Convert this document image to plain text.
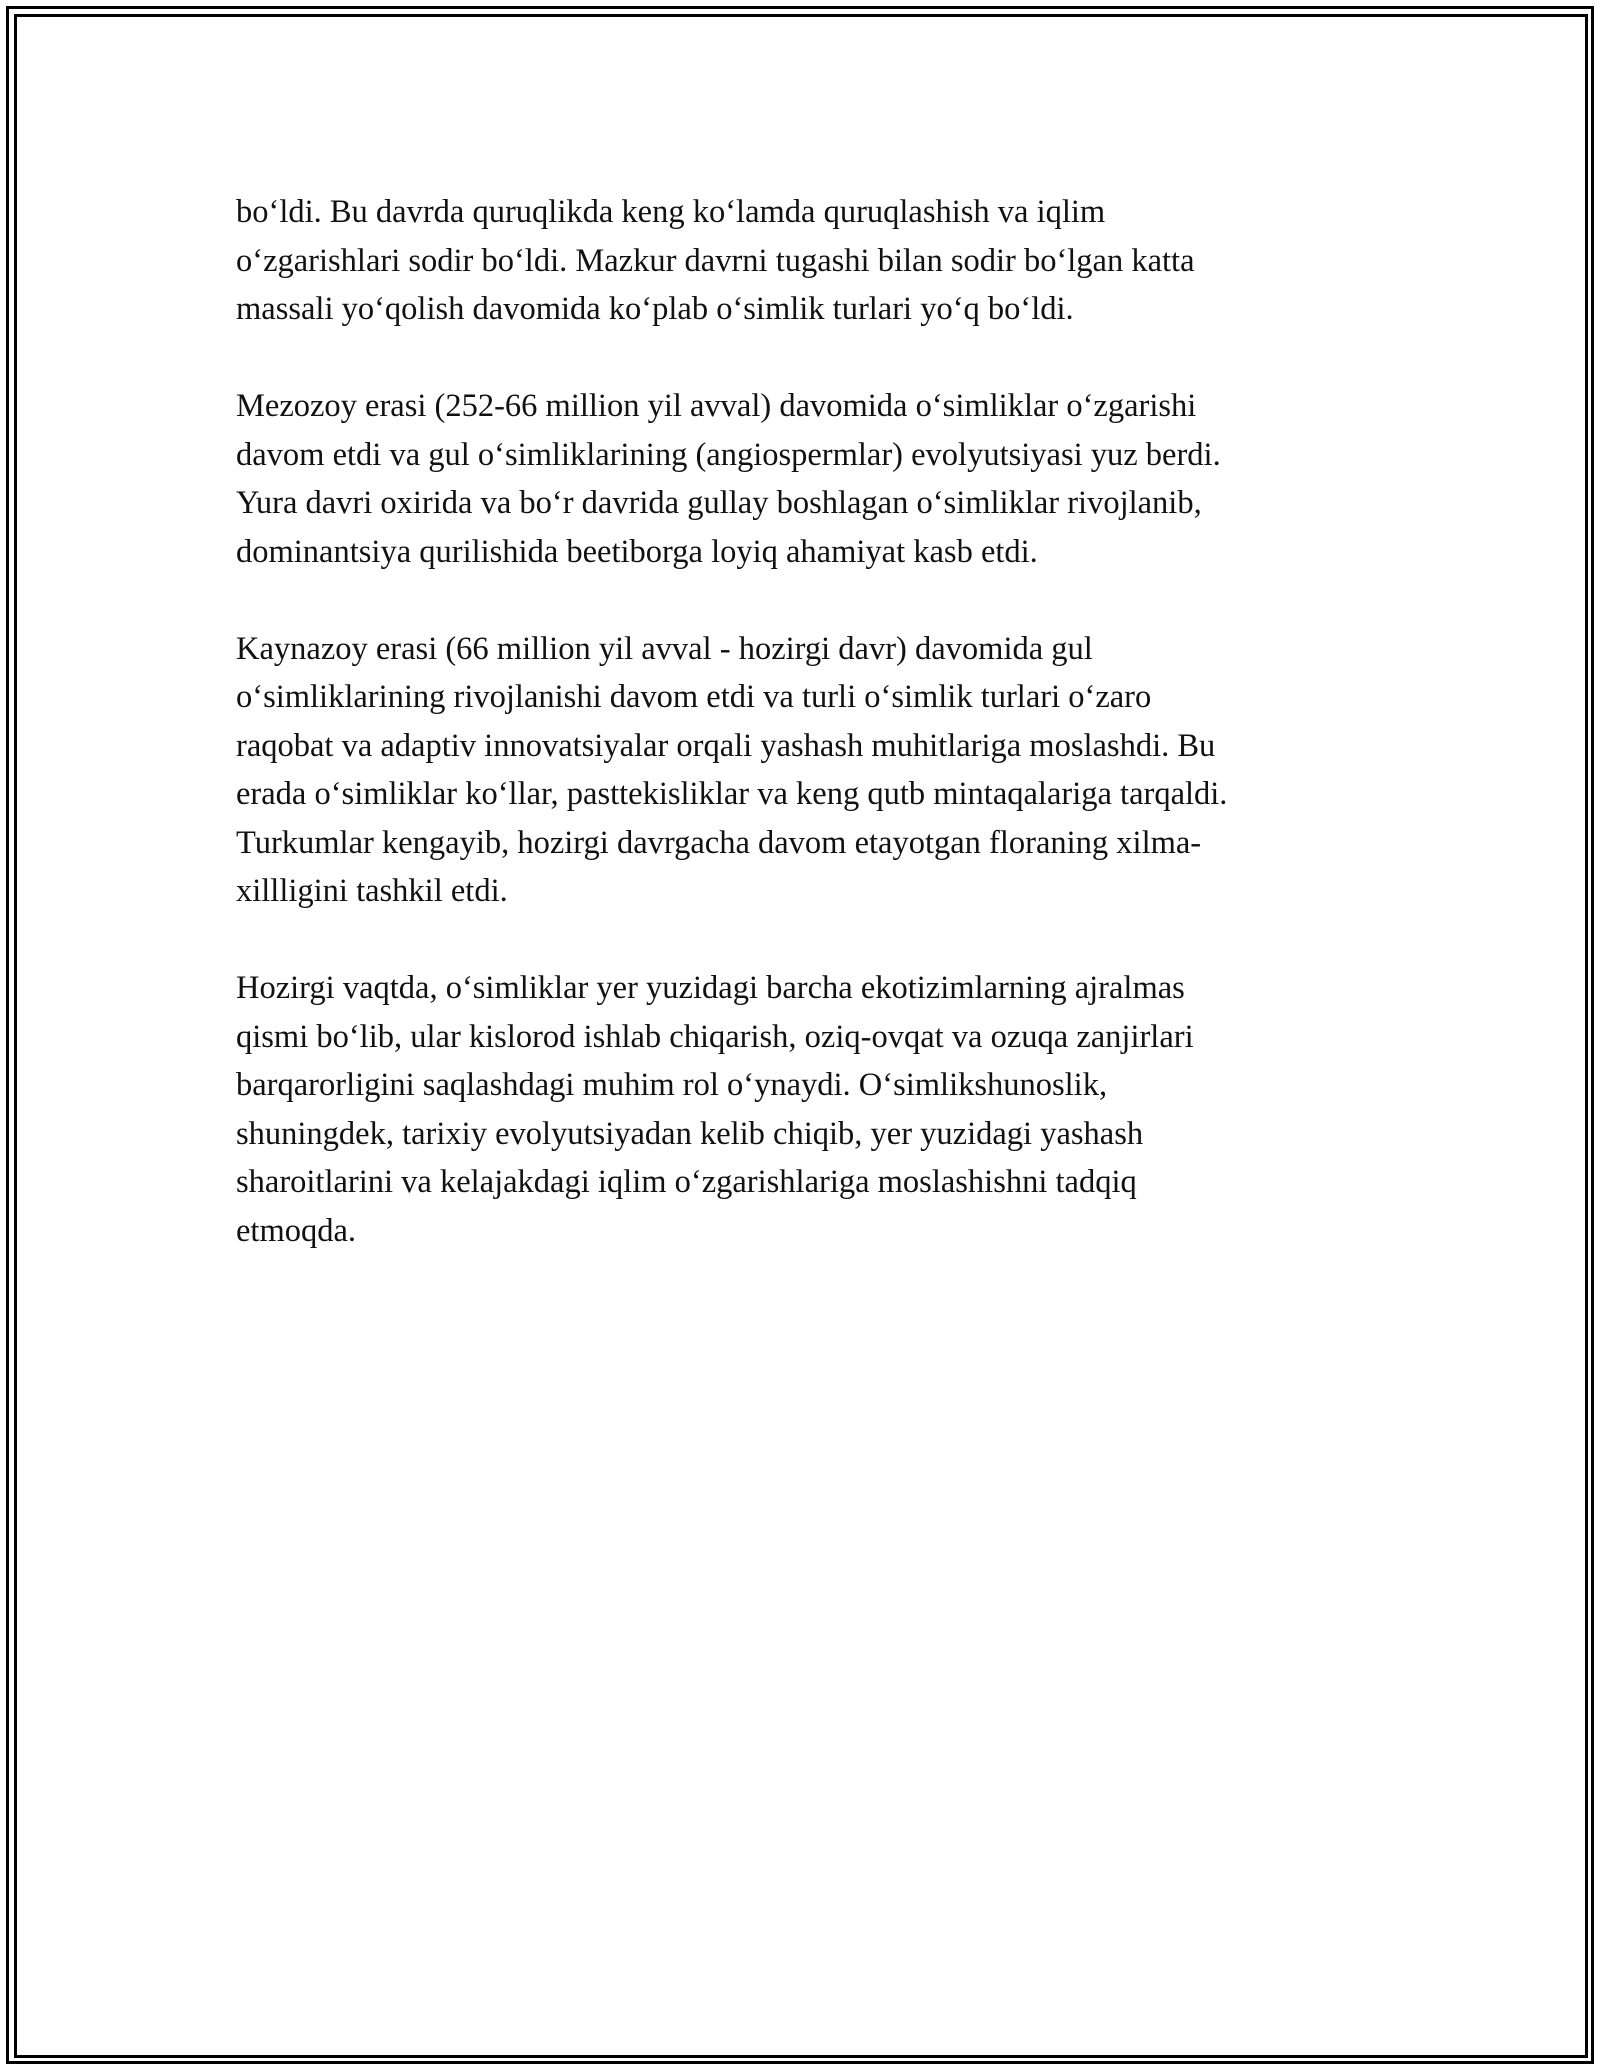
bo‘ldi. Bu davrda quruqlikda keng ko‘lamda quruqlashish va iqlim
o‘zgarishlari sodir bo‘ldi. Mazkur davrni tugashi bilan sodir bo‘lgan katta
massali yo‘qolish davomida ko‘plab o‘simlik turlari yo‘q bo‘ldi.

Mezozoy erasi (252-66 million yil avval) davomida o‘simliklar o‘zgarishi
davom etdi va gul o‘simliklarining (angiospermlar) evolyutsiyasi yuz berdi.
Yura davri oxirida va bo‘r davrida gullay boshlagan o‘simliklar rivojlanib,
dominantsiya qurilishida beetiborga loyiq ahamiyat kasb etdi.

Kaynazoy erasi (66 million yil avval - hozirgi davr) davomida gul
o‘simliklarining rivojlanishi davom etdi va turli o‘simlik turlari o‘zaro
raqobat va adaptiv innovatsiyalar orqali yashash muhitlariga moslashdi. Bu
erada o‘simliklar ko‘llar, pasttekisliklar va keng qutb mintaqalariga tarqaldi.
Turkumlar kengayib, hozirgi davrgacha davom etayotgan floraning xilma-
xillligini tashkil etdi.

Hozirgi vaqtda, o‘simliklar yer yuzidagi barcha ekotizimlarning ajralmas
qismi bo‘lib, ular kislorod ishlab chiqarish, oziq-ovqat va ozuqa zanjirlari
barqarorligini saqlashdagi muhim rol o‘ynaydi. O‘simlikshunoslik,
shuningdek, tarixiy evolyutsiyadan kelib chiqib, yer yuzidagi yashash
sharoitlarini va kelajakdagi iqlim o‘zgarishlariga moslashishni tadqiq
etmoqda.
